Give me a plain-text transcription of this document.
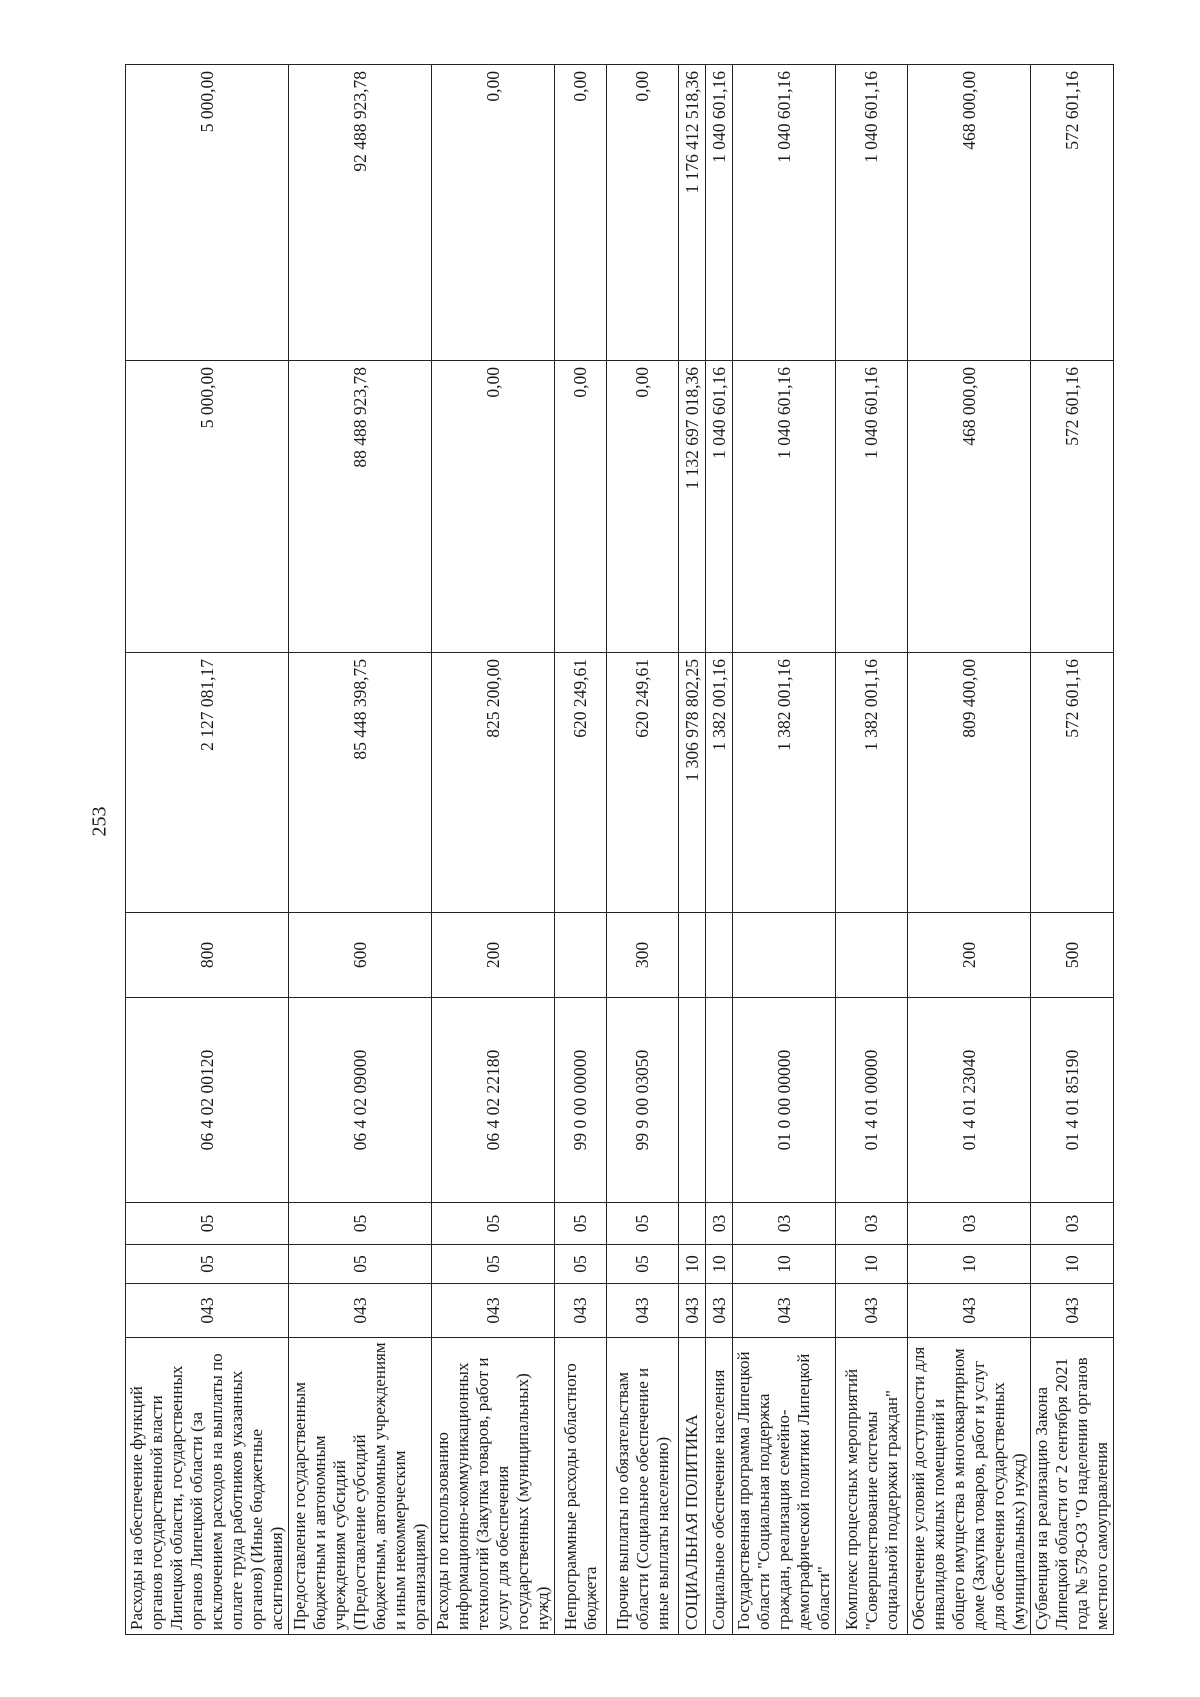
253
Расходы на обеспечение функций органов государственной власти Липецкой области, государственных органов Липецкой области (за исключением расходов на выплаты по оплате труда работников указанных органов) (Иные бюджетные ассигнования)	043	05	05	06 4 02 00120	800	2 127 081,17	5 000,00	5 000,00
Предоставление государственным бюджетным и автономным учреждениям субсидий (Предоставление субсидий бюджетным, автономным учреждениям и иным некоммерческим организациям)	043	05	05	06 4 02 09000	600	85 448 398,75	88 488 923,78	92 488 923,78
Расходы по использованию информационно-коммуникационных технологий (Закупка товаров, работ и услуг для обеспечения государственных (муниципальных) нужд)	043	05	05	06 4 02 22180	200	825 200,00	0,00	0,00
Непрограммные расходы областного бюджета	043	05	05	99 0 00 00000		620 249,61	0,00	0,00
Прочие выплаты по обязательствам области (Социальное обеспечение и иные выплаты населению)	043	05	05	99 9 00 03050	300	620 249,61	0,00	0,00
СОЦИАЛЬНАЯ ПОЛИТИКА	043	10				1 306 978 802,25	1 132 697 018,36	1 176 412 518,36
Социальное обеспечение населения	043	10	03			1 382 001,16	1 040 601,16	1 040 601,16
Государственная программа Липецкой области "Социальная поддержка граждан, реализация семейно-демографической политики Липецкой области"	043	10	03	01 0 00 00000		1 382 001,16	1 040 601,16	1 040 601,16
Комплекс процессных мероприятий "Совершенствование системы социальной поддержки граждан"	043	10	03	01 4 01 00000		1 382 001,16	1 040 601,16	1 040 601,16
Обеспечение условий доступности для инвалидов жилых помещений и общего имущества в многоквартирном доме (Закупка товаров, работ и услуг для обеспечения государственных (муниципальных) нужд)	043	10	03	01 4 01 23040	200	809 400,00	468 000,00	468 000,00
Субвенция на реализацию Закона Липецкой области от 2 сентября 2021 года № 578-ОЗ "О наделении органов местного самоуправления	043	10	03	01 4 01 85190	500	572 601,16	572 601,16	572 601,16
